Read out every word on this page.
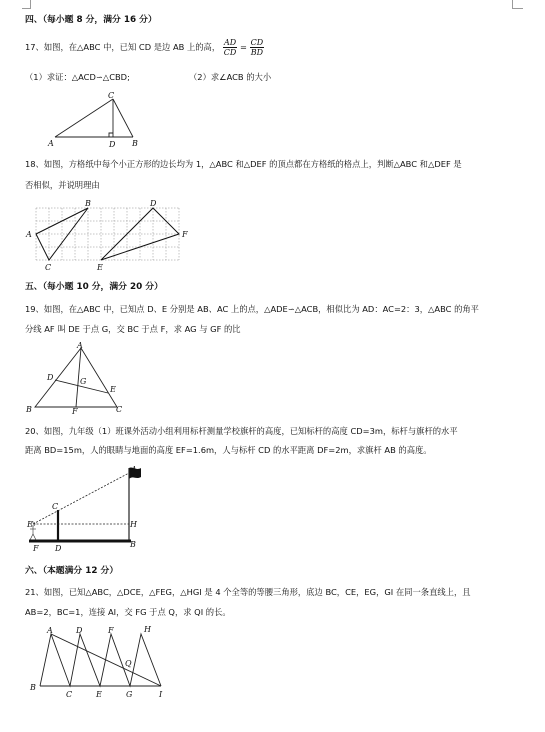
四、（每小题 8 分，满分 16 分）
17、如图，在△ABC 中，已知 CD 是边 AB 上的高， $\frac{AD}{CD} = \frac{CD}{BD}$
（1）求证：△ACD∽△CBD;	（2）求∠ACB 的大小
C
A	D B
18、如图，方格纸中每个小正方形的边长均为 1，△ABC 和△DEF 的顶点都在方格纸的格点上，判断△ABC 和△DEF 是
否相似，并说明理由
A
B
C
D
E
F
五、（每小题 10 分，满分 20 分）
19、如图，在△ABC 中，已知点 D、E 分别是 AB、AC 上的点，△ADE∽△ACB，相似比为 AD：AC=2：3，△ABC 的角平
分线 AF 叫 DE 于点 G，交 BC 于点 F，求 AG 与 GF 的比
A
D	G
E
B	F	C
20、如图，九年级（1）班课外活动小组利用标杆测量学校旗杆的高度，已知标杆的高度 CD=3m，标杆与旗杆的水平
距离 BD=15m，人的眼睛与地面的高度 EF=1.6m，人与标杆 CD 的水平距离 DF=2m，求旗杆 AB 的高度。
A
C
E	H
F D	B
六、（本题满分 12 分）
21、如图，已知△ABC，△DCE，△FEG，△HGI 是 4 个全等的等腰三角形，底边 BC，CE，EG，GI 在同一条直线上，且
AB=2，BC=1，连接 AI，交 FG 于点 Q，求 QI 的长。
A	D	F	H
Q
B
C	E	G	I
